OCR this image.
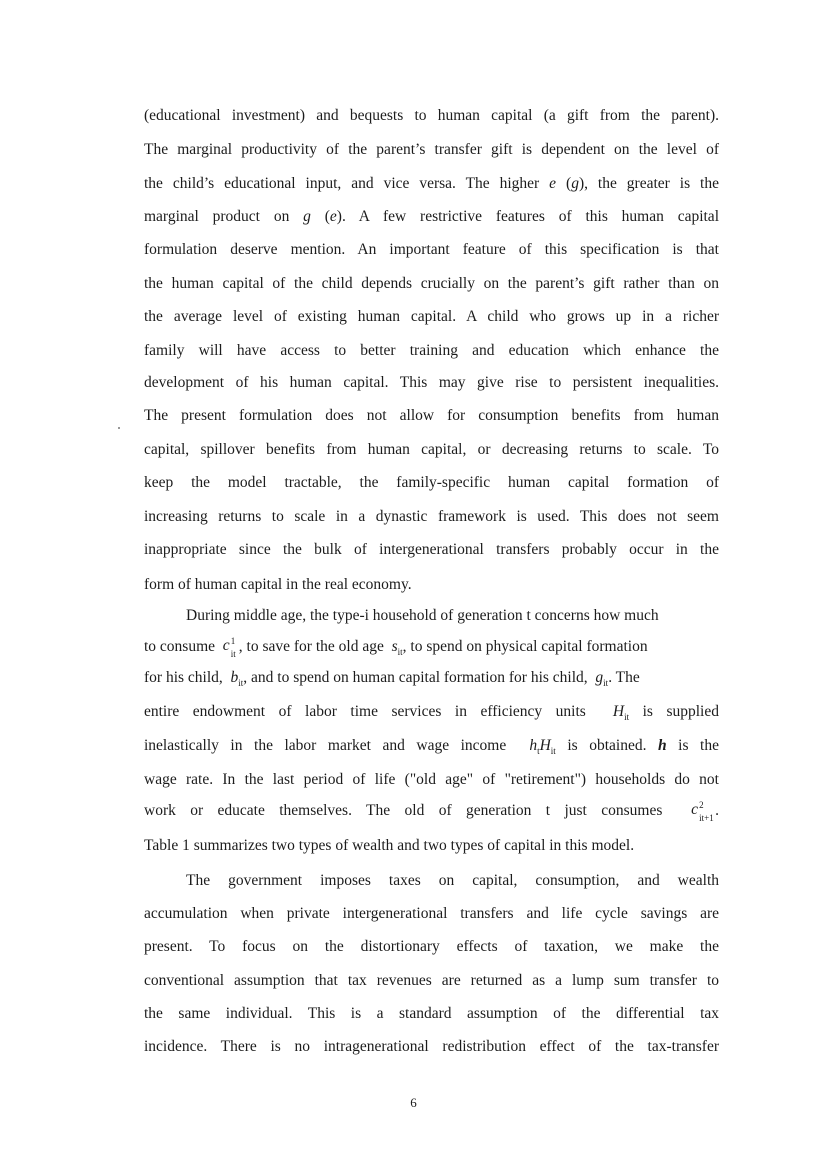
(educational investment) and bequests to human capital (a gift from the parent).
The marginal productivity of the parent’s transfer gift is dependent on the level of
the child’s educational input, and vice versa. The higher e (g), the greater is the
marginal product on g (e). A few restrictive features of this human capital
formulation deserve mention. An important feature of this specification is that
the human capital of the child depends crucially on the parent’s gift rather than on
the average level of existing human capital. A child who grows up in a richer
family will have access to better training and education which enhance the
development of his human capital. This may give rise to persistent inequalities.
The present formulation does not allow for consumption benefits from human
capital, spillover benefits from human capital, or decreasing returns to scale. To
keep the model tractable, the family-specific human capital formation of
increasing returns to scale in a dynastic framework is used. This does not seem
inappropriate since the bulk of intergenerational transfers probably occur in the
form of human capital in the real economy.
During middle age, the type-i household of generation t concerns how much
to consume c 1
it , to save for the old age  $s_{it}$, to spend on physical capital formation
for his child,  $b_{it}$, and to spend on human capital formation for his child,  $g_{it}$. The
entire endowment of labor time services in efficiency units  $H_{it}$ is supplied
inelastically in the labor market and wage income  $h_tH_{it}$ is obtained. h is the
wage rate. In the last period of life ("old age" of "retirement") households do not
work or educate themselves. The old of generation t just consumes c 2
it+1 .
Table 1 summarizes two types of wealth and two types of capital in this model.
The government imposes taxes on capital, consumption, and wealth
accumulation when private intergenerational transfers and life cycle savings are
present. To focus on the distortionary effects of taxation, we make the
conventional assumption that tax revenues are returned as a lump sum transfer to
the same individual. This is a standard assumption of the differential tax
incidence. There is no intragenerational redistribution effect of the tax-transfer
6
